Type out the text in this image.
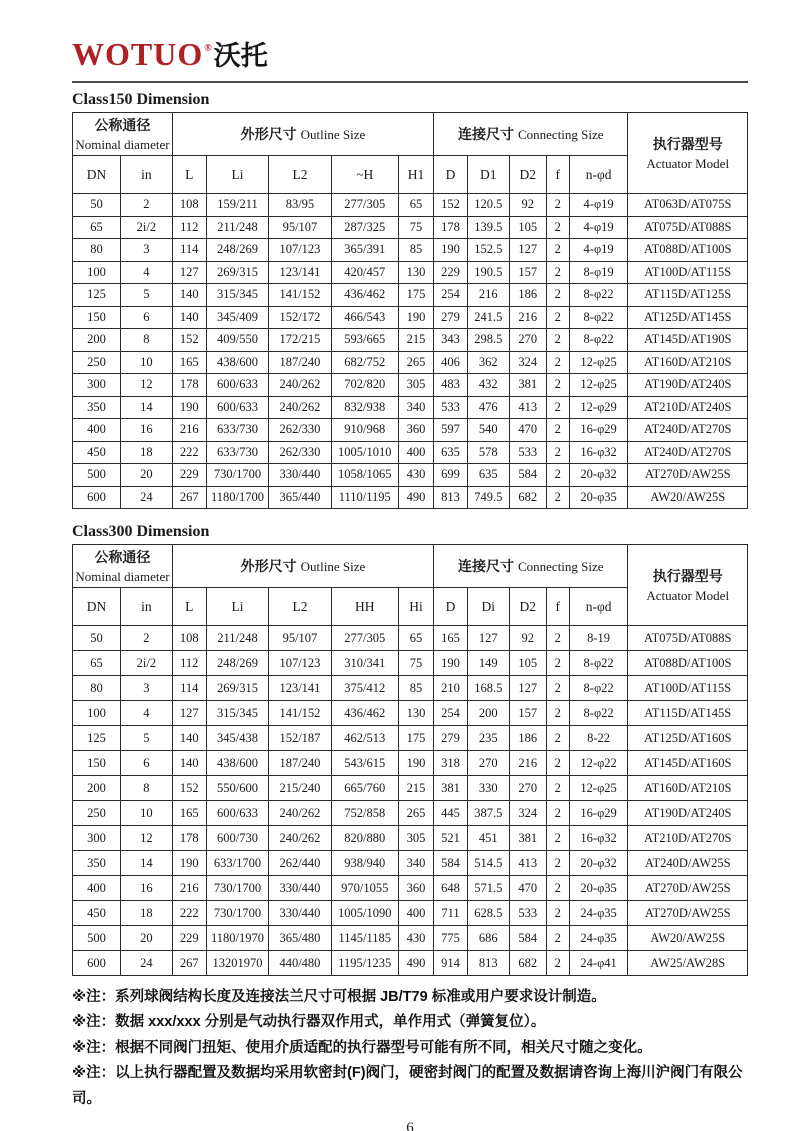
WOTUO ® 沃托
Class150 Dimension
公称通径
Nominal diameter		外形尺寸 Outline Size					连接尺寸 Connecting Size					执行器型号
Actuator Model

DN	in	L	Li	L2	~H	H1	D	D1	D2	f	n-φd	
50	2	108	159/211	83/95	277/305	65	152	120.5	92	2	4-φ19	AT063D/AT075S
65	2i/2	112	211/248	95/107	287/325	75	178	139.5	105	2	4-φ19	AT075D/AT088S
80	3	114	248/269	107/123	365/391	85	190	152.5	127	2	4-φ19	AT088D/AT100S
100	4	127	269/315	123/141	420/457	130	229	190.5	157	2	8-φ19	AT100D/AT115S
125	5	140	315/345	141/152	436/462	175	254	216	186	2	8-φ22	AT115D/AT125S
150	6	140	345/409	152/172	466/543	190	279	241.5	216	2	8-φ22	AT125D/AT145S
200	8	152	409/550	172/215	593/665	215	343	298.5	270	2	8-φ22	AT145D/AT190S
250	10	165	438/600	187/240	682/752	265	406	362	324	2	12-φ25	AT160D/AT210S
300	12	178	600/633	240/262	702/820	305	483	432	381	2	12-φ25	AT190D/AT240S
350	14	190	600/633	240/262	832/938	340	533	476	413	2	12-φ29	AT210D/AT240S
400	16	216	633/730	262/330	910/968	360	597	540	470	2	16-φ29	AT240D/AT270S
450	18	222	633/730	262/330	1005/1010	400	635	578	533	2	16-φ32	AT240D/AT270S
500	20	229	730/1700	330/440	1058/1065	430	699	635	584	2	20-φ32	AT270D/AW25S
600	24	267	1180/1700	365/440	1110/1195	490	813	749.5	682	2	20-φ35	AW20/AW25S
Class300 Dimension
公称通径
Nominal diameter		外形尺寸 Outline Size					连接尺寸 Connecting Size					执行器型号
Actuator Model

DN	in	L	Li	L2	HH	Hi	D	Di	D2	f	n-φd	
50	2	108	211/248	95/107	277/305	65	165	127	92	2	8-19	AT075D/AT088S
65	2i/2	112	248/269	107/123	310/341	75	190	149	105	2	8-φ22	AT088D/AT100S
80	3	114	269/315	123/141	375/412	85	210	168.5	127	2	8-φ22	AT100D/AT115S
100	4	127	315/345	141/152	436/462	130	254	200	157	2	8-φ22	AT115D/AT145S
125	5	140	345/438	152/187	462/513	175	279	235	186	2	8-22	AT125D/AT160S
150	6	140	438/600	187/240	543/615	190	318	270	216	2	12-φ22	AT145D/AT160S
200	8	152	550/600	215/240	665/760	215	381	330	270	2	12-φ25	AT160D/AT210S
250	10	165	600/633	240/262	752/858	265	445	387.5	324	2	16-φ29	AT190D/AT240S
300	12	178	600/730	240/262	820/880	305	521	451	381	2	16-φ32	AT210D/AT270S
350	14	190	633/1700	262/440	938/940	340	584	514.5	413	2	20-φ32	AT240D/AW25S
400	16	216	730/1700	330/440	970/1055	360	648	571.5	470	2	20-φ35	AT270D/AW25S
450	18	222	730/1700	330/440	1005/1090	400	711	628.5	533	2	24-φ35	AT270D/AW25S
500	20	229	1180/1970	365/480	1145/1185	430	775	686	584	2	24-φ35	AW20/AW25S
600	24	267	13201970	440/480	1195/1235	490	914	813	682	2	24-φ41	AW25/AW28S

※注：系列球阀结构长度及连接法兰尺寸可根据 JB/T79 标准或用户要求设计制造。

※注：数据 xxx/xxx 分别是气动执行器双作用式，单作用式（弹簧复位）。

※注：根据不同阀门扭矩、使用介质适配的执行器型号可能有所不同，相关尺寸随之变化。

※注：以上执行器配置及数据均采用软密封(F)阀门，硬密封阀门的配置及数据请咨询上海川沪阀门有限公司。

6
